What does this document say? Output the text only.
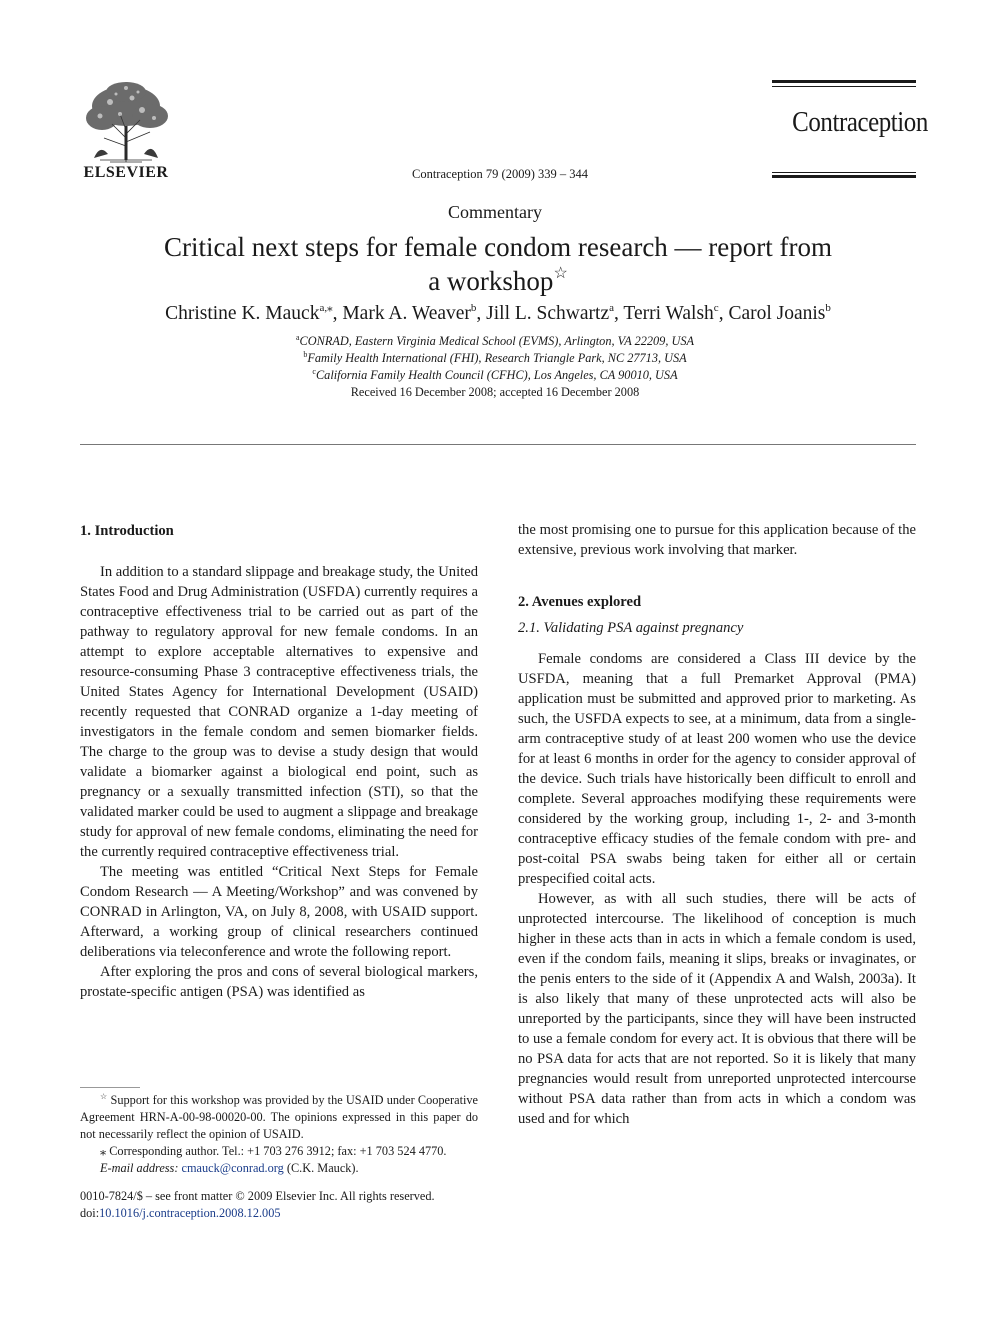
ELSEVIER	Contraception 79 (2009) 339 – 344
Contraception
Commentary
Critical next steps for female condom research — report from
a workshop☆
Christine K. Mauck$^{a,⁎}$, Mark A. Weaver$^b$, Jill L. Schwartz$^a$, Terri Walsh$^c$, Carol Joanis$^b$
$^a$CONRAD, Eastern Virginia Medical School (EVMS), Arlington, VA 22209, USA
$^b$Family Health International (FHI), Research Triangle Park, NC 27713, USA
$^c$California Family Health Council (CFHC), Los Angeles, CA 90010, USA
Received 16 December 2008; accepted 16 December 2008
1. Introduction

In addition to a standard slippage and breakage study, the United States Food and Drug Administration (USFDA) currently requires a contraceptive effectiveness trial to be carried out as part of the pathway to regulatory approval for new female condoms. In an attempt to explore acceptable alternatives to expensive and resource-consuming Phase 3 contraceptive effectiveness trials, the United States Agency for International Development (USAID) recently requested that CONRAD organize a 1-day meeting of investigators in the female condom and semen biomarker fields. The charge to the group was to devise a study design that would validate a biomarker against a biological end point, such as pregnancy or a sexually transmitted infection (STI), so that the validated marker could be used to augment a slippage and breakage study for approval of new female condoms, eliminating the need for the currently required contraceptive effectiveness trial.

The meeting was entitled “Critical Next Steps for Female Condom Research — A Meeting/Workshop” and was convened by CONRAD in Arlington, VA, on July 8, 2008, with USAID support. Afterward, a working group of clinical researchers continued deliberations via teleconference and wrote the following report.

After exploring the pros and cons of several biological markers, prostate-specific antigen (PSA) was identified as

the most promising one to pursue for this application because of the extensive, previous work involving that marker.

2. Avenues explored
2.1. Validating PSA against pregnancy

Female condoms are considered a Class III device by the USFDA, meaning that a full Premarket Approval (PMA) application must be submitted and approved prior to marketing. As such, the USFDA expects to see, at a minimum, data from a single-arm contraceptive study of at least 200 women who use the device for at least 6 months in order for the agency to consider approval of the device. Such trials have historically been difficult to enroll and complete. Several approaches modifying these requirements were considered by the working group, including 1-, 2- and 3-month contraceptive efficacy studies of the female condom with pre- and post-coital PSA swabs being taken for either all or certain prespecified coital acts.

However, as with all such studies, there will be acts of unprotected intercourse. The likelihood of conception is much higher in these acts than in acts in which a female condom is used, even if the condom fails, meaning it slips, breaks or invaginates, or the penis enters to the side of it (Appendix A and Walsh, 2003a). It is also likely that many of these unprotected acts will also be unreported by the participants, since they will have been instructed to use a female condom for every act. It is obvious that there will be no PSA data for acts that are not reported. So it is likely that many pregnancies would result from unreported unprotected intercourse without PSA data rather than from acts in which a condom was used and for which

☆ Support for this workshop was provided by the USAID under Cooperative Agreement HRN-A-00-98-00020-00. The opinions expressed in this paper do not necessarily reflect the opinion of USAID.

⁎ Corresponding author. Tel.: +1 703 276 3912; fax: +1 703 524 4770.

E-mail address: cmauck@conrad.org (C.K. Mauck).

0010-7824/$ – see front matter © 2009 Elsevier Inc. All rights reserved.
doi:10.1016/j.contraception.2008.12.005
